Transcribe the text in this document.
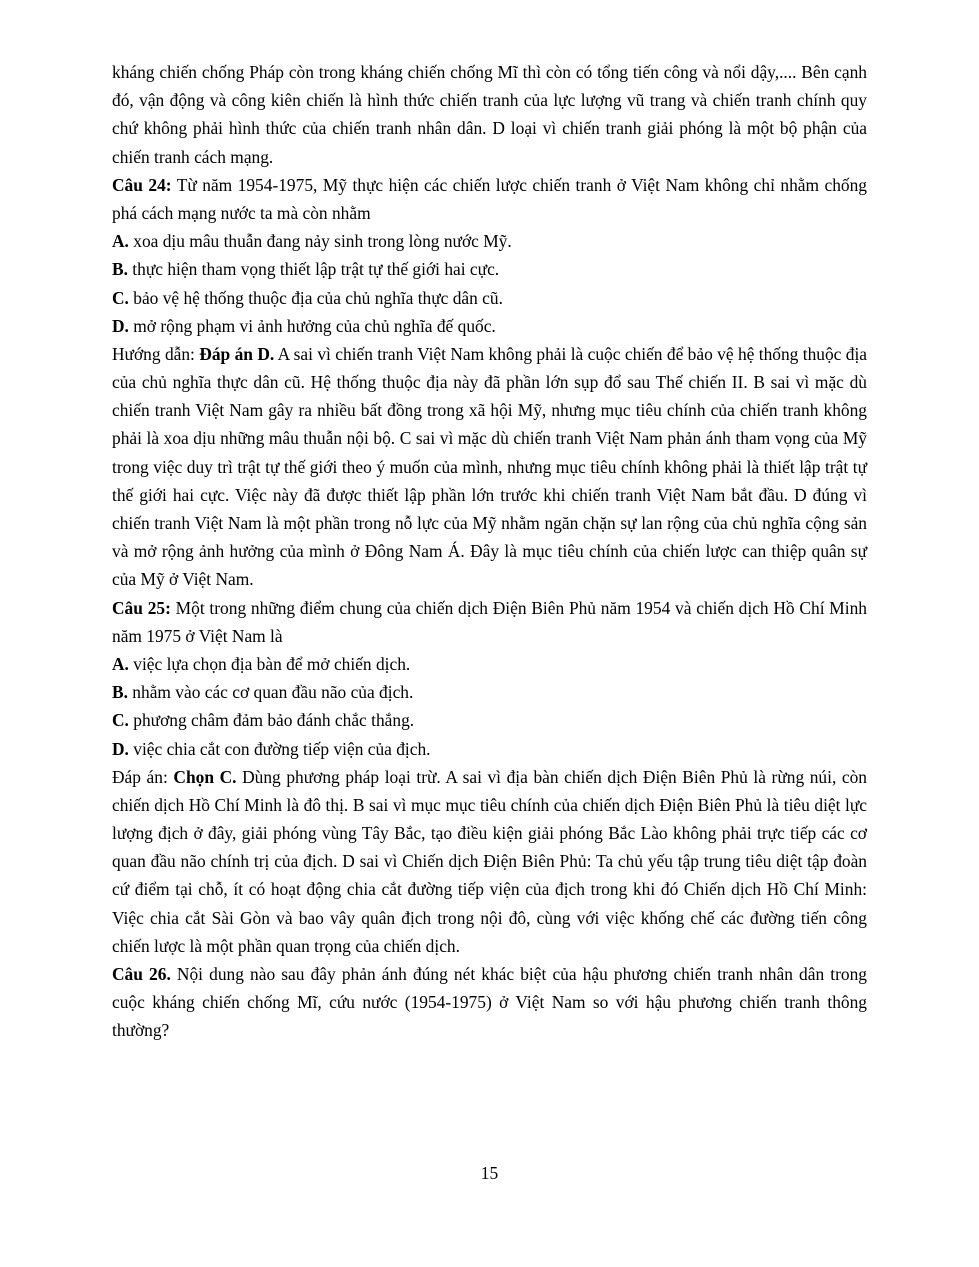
kháng chiến chống Pháp còn trong kháng chiến chống Mĩ thì còn có tổng tiến công và nổi dậy,.... Bên cạnh đó, vận động và công kiên chiến là hình thức chiến tranh của lực lượng vũ trang và chiến tranh chính quy chứ không phải hình thức của chiến tranh nhân dân. D loại vì chiến tranh giải phóng là một bộ phận của chiến tranh cách mạng.

Câu 24: Từ năm 1954-1975, Mỹ thực hiện các chiến lược chiến tranh ở Việt Nam không chỉ nhằm chống phá cách mạng nước ta mà còn nhằm

A. xoa dịu mâu thuẫn đang nảy sinh trong lòng nước Mỹ.

B. thực hiện tham vọng thiết lập trật tự thế giới hai cực.

C. bảo vệ hệ thống thuộc địa của chủ nghĩa thực dân cũ.

D. mở rộng phạm vi ảnh hưởng của chủ nghĩa đế quốc.

Hướng dẫn: Đáp án D. A sai vì chiến tranh Việt Nam không phải là cuộc chiến để bảo vệ hệ thống thuộc địa của chủ nghĩa thực dân cũ. Hệ thống thuộc địa này đã phần lớn sụp đổ sau Thế chiến II. B sai vì mặc dù chiến tranh Việt Nam gây ra nhiều bất đồng trong xã hội Mỹ, nhưng mục tiêu chính của chiến tranh không phải là xoa dịu những mâu thuẫn nội bộ. C sai vì mặc dù chiến tranh Việt Nam phản ánh tham vọng của Mỹ trong việc duy trì trật tự thế giới theo ý muốn của mình, nhưng mục tiêu chính không phải là thiết lập trật tự thế giới hai cực. Việc này đã được thiết lập phần lớn trước khi chiến tranh Việt Nam bắt đầu. D đúng vì chiến tranh Việt Nam là một phần trong nỗ lực của Mỹ nhằm ngăn chặn sự lan rộng của chủ nghĩa cộng sản và mở rộng ảnh hưởng của mình ở Đông Nam Á. Đây là mục tiêu chính của chiến lược can thiệp quân sự của Mỹ ở Việt Nam.

Câu 25: Một trong những điểm chung của chiến dịch Điện Biên Phủ năm 1954 và chiến dịch Hồ Chí Minh năm 1975 ở Việt Nam là

A. việc lựa chọn địa bàn để mở chiến dịch.

B. nhằm vào các cơ quan đầu não của địch.

C. phương châm đảm bảo đánh chắc thắng.

D. việc chia cắt con đường tiếp viện của địch.

Đáp án: Chọn C. Dùng phương pháp loại trừ. A sai vì địa bàn chiến dịch Điện Biên Phủ là rừng núi, còn chiến dịch Hồ Chí Minh là đô thị. B sai vì mục mục tiêu chính của chiến dịch Điện Biên Phủ là tiêu diệt lực lượng địch ở đây, giải phóng vùng Tây Bắc, tạo điều kiện giải phóng Bắc Lào không phải trực tiếp các cơ quan đầu não chính trị của địch. D sai vì Chiến dịch Điện Biên Phủ: Ta chủ yếu tập trung tiêu diệt tập đoàn cứ điểm tại chỗ, ít có hoạt động chia cắt đường tiếp viện của địch trong khi đó Chiến dịch Hồ Chí Minh: Việc chia cắt Sài Gòn và bao vây quân địch trong nội đô, cùng với việc khống chế các đường tiến công chiến lược là một phần quan trọng của chiến dịch.

Câu 26. Nội dung nào sau đây phản ánh đúng nét khác biệt của hậu phương chiến tranh nhân dân trong cuộc kháng chiến chống Mĩ, cứu nước (1954-1975) ở Việt Nam so với hậu phương chiến tranh thông thường?

15
